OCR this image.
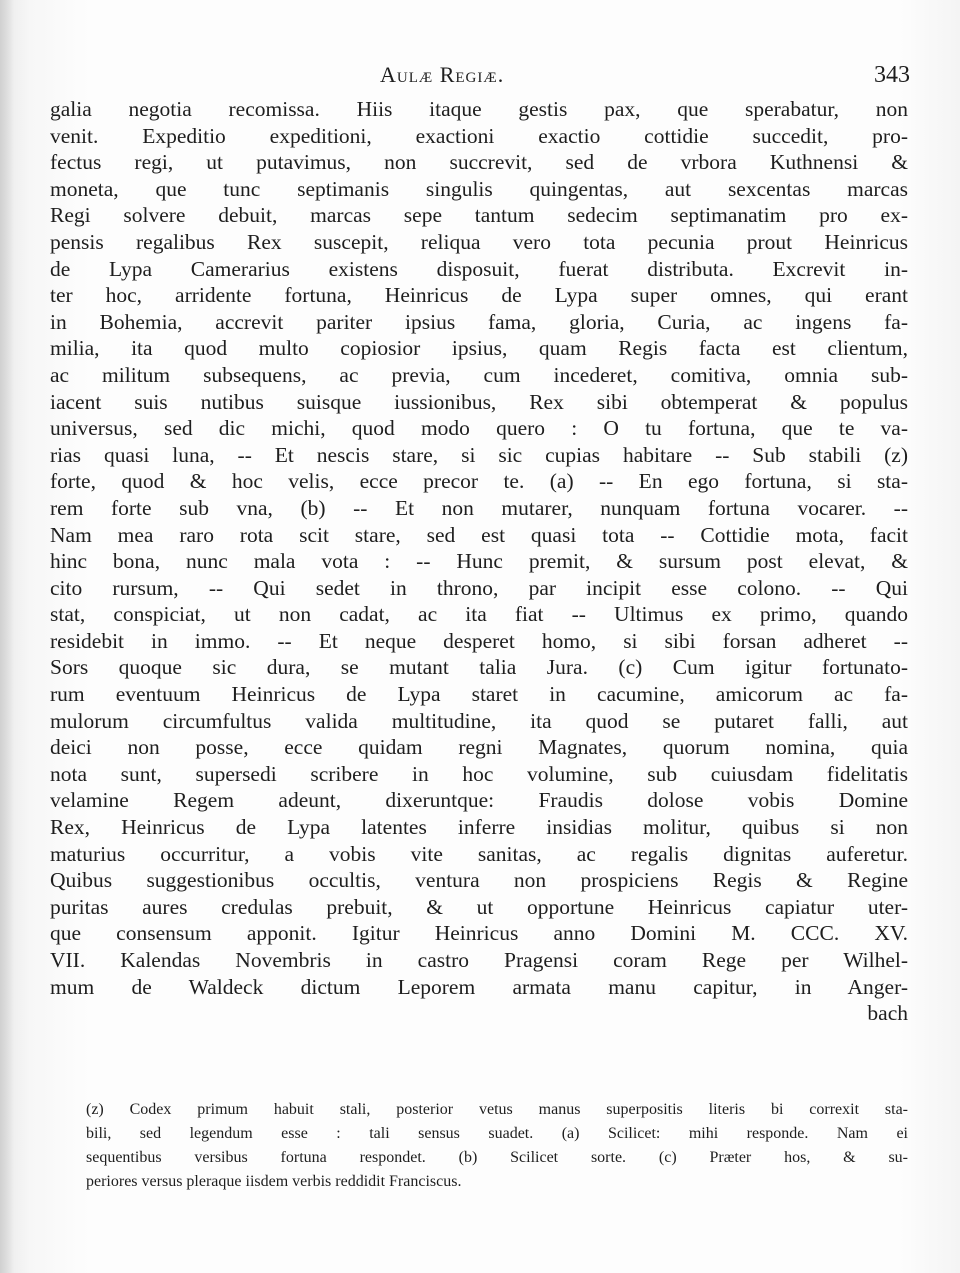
Aulæ Regiæ.	343
galia negotia recomissa. Hiis itaque gestis pax, que sperabatur, non
venit. Expeditio expeditioni, exactioni exactio cottidie succedit, pro-
fectus regi, ut putavimus, non succrevit, sed de vrbora Kuthnensi &
moneta, que tunc septimanis singulis quingentas, aut sexcentas marcas
Regi solvere debuit, marcas sepe tantum sedecim septimanatim pro ex-
pensis regalibus Rex suscepit, reliqua vero tota pecunia prout Heinricus
de Lypa Camerarius existens disposuit, fuerat distributa. Excrevit in-
ter hoc, arridente fortuna, Heinricus de Lypa super omnes, qui erant
in Bohemia, accrevit pariter ipsius fama, gloria, Curia, ac ingens fa-
milia, ita quod multo copiosior ipsius, quam Regis facta est clientum,
ac militum subsequens, ac previa, cum incederet, comitiva, omnia sub-
iacent suis nutibus suisque iussionibus, Rex sibi obtemperat & populus
universus, sed dic michi, quod modo quero : O tu fortuna, que te va-
rias quasi luna, -- Et nescis stare, si sic cupias habitare -- Sub stabili (z)
forte, quod & hoc velis, ecce precor te. (a) -- En ego fortuna, si sta-
rem forte sub vna, (b) -- Et non mutarer, nunquam fortuna vocarer. --
Nam mea raro rota scit stare, sed est quasi tota -- Cottidie mota, facit
hinc bona, nunc mala vota : -- Hunc premit, & sursum post elevat, &
cito rursum, -- Qui sedet in throno, par incipit esse colono. -- Qui
stat, conspiciat, ut non cadat, ac ita fiat -- Ultimus ex primo, quando
residebit in immo. -- Et neque desperet homo, si sibi forsan adheret --
Sors quoque sic dura, se mutant talia Jura. (c) Cum igitur fortunato-
rum eventuum Heinricus de Lypa staret in cacumine, amicorum ac fa-
mulorum circumfultus valida multitudine, ita quod se putaret falli, aut
deici non posse, ecce quidam regni Magnates, quorum nomina, quia
nota sunt, supersedi scribere in hoc volumine, sub cuiusdam fidelitatis
velamine Regem adeunt, dixeruntque: Fraudis dolose vobis Domine
Rex, Heinricus de Lypa latentes inferre insidias molitur, quibus si non
maturius occurritur, a vobis vite sanitas, ac regalis dignitas auferetur.
Quibus suggestionibus occultis, ventura non prospiciens Regis & Regine
puritas aures credulas prebuit, & ut opportune Heinricus capiatur uter-
que consensum apponit. Igitur Heinricus anno Domini M. CCC. XV.
VII. Kalendas Novembris in castro Pragensi coram Rege per Wilhel-
mum de Waldeck dictum Leporem armata manu capitur, in Anger-
bach
(z) Codex primum habuit stali, posterior vetus manus superpositis literis bi correxit sta-
bili, sed legendum esse : tali sensus suadet. (a) Scilicet: mihi responde. Nam ei
sequentibus versibus fortuna respondet. (b) Scilicet sorte. (c) Præter hos, & su-
periores versus pleraque iisdem verbis reddidit Franciscus.
